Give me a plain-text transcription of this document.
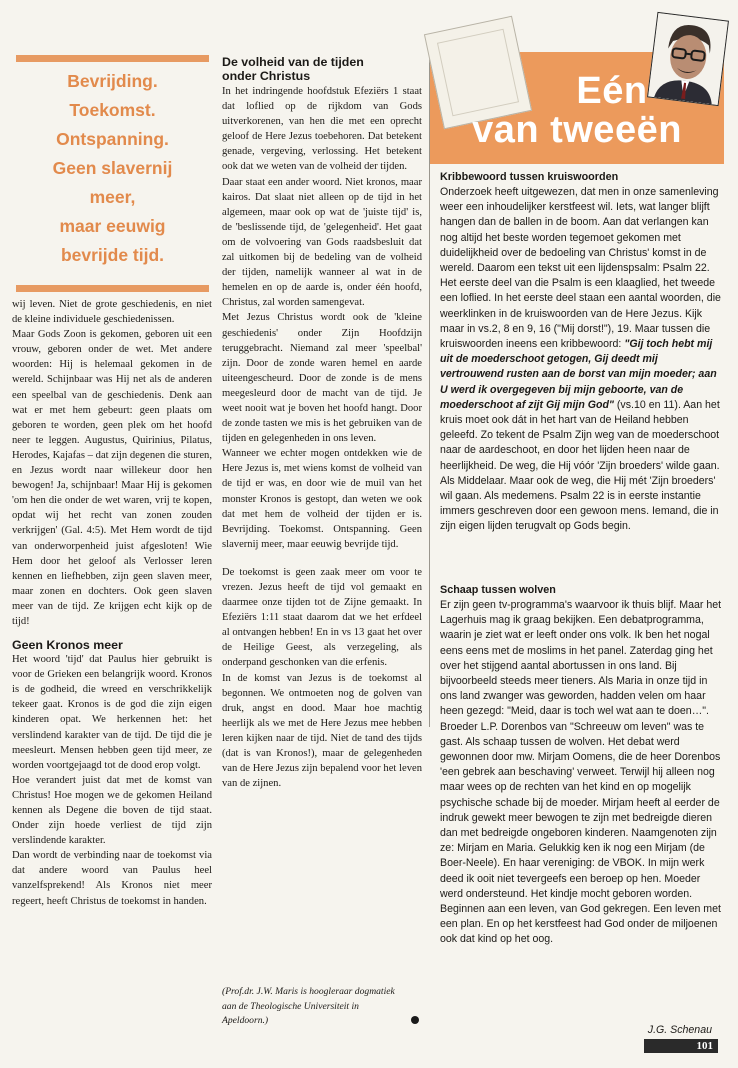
Bevrijding.
Toekomst.
Ontspanning.
Geen slavernij
meer,
maar eeuwig
bevrijde tijd.

wij leven. Niet de grote geschiedenis, en niet de kleine individuele geschiedenissen.

Maar Gods Zoon is gekomen, geboren uit een vrouw, geboren onder de wet. Met andere woorden: Hij is helemaal gekomen in de wereld. Schijnbaar was Hij net als de anderen een speelbal van de geschiedenis. Denk aan wat er met hem gebeurt: geen plaats om geboren te worden, geen plek om het hoofd neer te leggen. Augustus, Quirinius, Pilatus, Herodes, Kajafas – dat zijn degenen die sturen, en Jezus wordt naar willekeur door hen bewogen! Ja, schijnbaar! Maar Hij is gekomen 'om hen die onder de wet waren, vrij te kopen, opdat wij het recht van zonen zouden verkrijgen' (Gal. 4:5). Met Hem wordt de tijd van onderworpenheid juist afgesloten! Wie Hem door het geloof als Verlosser leren kennen en liefhebben, zijn geen slaven meer, maar zonen en dochters. Ook geen slaven meer van de tijd. Ze krijgen echt kijk op de tijd!

Geen Kronos meer

Het woord 'tijd' dat Paulus hier gebruikt is voor de Grieken een belangrijk woord. Kronos is de godheid, die wreed en verschrikkelijk tekeer gaat. Kronos is de god die zijn eigen kinderen opat. We herkennen het: het verslindend karakter van de tijd. De tijd die je meesleurt. Mensen hebben geen tijd meer, ze worden voortgejaagd tot de dood erop volgt.

Hoe verandert juist dat met de komst van Christus! Hoe mogen we de gekomen Heiland kennen als Degene die boven de tijd staat. Onder zijn hoede verliest de tijd zijn verslindende karakter.

Dan wordt de verbinding naar de toekomst via dat andere woord van Paulus heel vanzelfsprekend! Als Kronos niet meer regeert, heeft Christus de toekomst in handen.

De volheid van de tijden
onder Christus

In het indringende hoofdstuk Efeziërs 1 staat dat loflied op de rijkdom van Gods uitverkorenen, van hen die met een oprecht geloof de Here Jezus toebehoren. Dat betekent genade, vergeving, verlossing. Het betekent ook dat we weten van de volheid der tijden.

Daar staat een ander woord. Niet kronos, maar kairos. Dat slaat niet alleen op de tijd in het algemeen, maar ook op wat de 'juiste tijd' is, de 'beslissende tijd, de 'gelegenheid'. Het gaat om de volvoering van Gods raadsbesluit dat zal uitkomen bij de bedeling van de volheid der tijden, namelijk wanneer al wat in de hemelen en op de aarde is, onder één hoofd, Christus, zal worden samengevat.

Met Jezus Christus wordt ook de 'kleine geschiedenis' onder Zijn Hoofdzijn teruggebracht. Niemand zal meer 'speelbal' zijn. Door de zonde waren hemel en aarde uiteengescheurd. Door de zonde is de mens meegesleurd door de macht van de tijd. Je weet nooit wat je boven het hoofd hangt. Door de zonde tasten we mis is het gebruiken van de tijden en gelegenheden in ons leven.

Wanneer we echter mogen ontdekken wie de Here Jezus is, met wiens komst de volheid van de tijd er was, en door wie de muil van het monster Kronos is gestopt, dan weten we ook dat met hem de volheid der tijden er is. Bevrijding. Toekomst. Ontspanning. Geen slavernij meer, maar eeuwig bevrijde tijd.

De toekomst is geen zaak meer om voor te vrezen. Jezus heeft de tijd vol gemaakt en daarmee onze tijden tot de Zijne gemaakt. In Efeziërs 1:11 staat daarom dat we het erfdeel al ontvangen hebben! En in vs 13 gaat het over de Heilige Geest, als verzegeling, als onderpand geschonken van die erfenis.

In de komst van Jezus is de toekomst al begonnen. We ontmoeten nog de golven van druk, angst en dood. Maar hoe machtig heerlijk als we met de Here Jezus mee hebben leren kijken naar de tijd. Niet de tand des tijds (dat is van Kronos!), maar de gelegenheden van de Here Jezus zijn bepalend voor het leven van de zijnen.

(Prof.dr. J.W. Maris is hoogleraar dogmatiek
aan de Theologische Universiteit in
Apeldoorn.)
Eén
van tweeën
Kribbewoord tussen kruiswoorden

Onderzoek heeft uitgewezen, dat men in onze samenleving weer een inhoudelijker kerstfeest wil. Iets, wat langer blijft hangen dan de ballen in de boom. Aan dat verlangen kan nog altijd het beste worden tegemoet gekomen met duidelijkheid over de bedoeling van Christus' komst in de wereld. Daarom een tekst uit een lijdenspsalm: Psalm 22. Het eerste deel van die Psalm is een klaaglied, het tweede een loflied. In het eerste deel staan een aantal woorden, die weerklinken in de kruiswoorden van de Here Jezus. Kijk maar in vs.2, 8 en 9, 16 ("Mij dorst!"), 19. Maar tussen die kruiswoorden ineens een kribbewoord: "Gij toch hebt mij uit de moederschoot getogen, Gij deedt mij vertrouwend rusten aan de borst van mijn moeder; aan U werd ik overgegeven bij mijn geboorte, van de moederschoot af zijt Gij mijn God" (vs.10 en 11). Aan het kruis moet ook dát in het hart van de Heiland hebben geleefd. Zo tekent de Psalm Zijn weg van de moederschoot naar de aardeschoot, en door het lijden heen naar de heerlijkheid. De weg, die Hij vóór 'Zijn broeders' wilde gaan. Als Middelaar. Maar ook de weg, die Hij mét 'Zijn broeders' wil gaan. Als medemens. Psalm 22 is in eerste instantie immers geschreven door een gewoon mens. Iemand, die in zijn eigen lijden terugvalt op Gods begin.

Schaap tussen wolven

Er zijn geen tv-programma's waarvoor ik thuis blijf. Maar het Lagerhuis mag ik graag bekijken. Een debatprogramma, waarin je ziet wat er leeft onder ons volk. Ik ben het nogal eens eens met de moslims in het panel. Zaterdag ging het over het stijgend aantal abortussen in ons land. Bij bijvoorbeeld steeds meer tieners. Als Maria in onze tijd in ons land zwanger was geworden, hadden velen om haar heen gezegd: "Meid, daar is toch wel wat aan te doen…". Broeder L.P. Dorenbos van "Schreeuw om leven" was te gast. Als schaap tussen de wolven. Het debat werd gewonnen door mw. Mirjam Oomens, die de heer Dorenbos 'een gebrek aan beschaving' verweet. Terwijl hij alleen nog maar wees op de rechten van het kind en op mogelijk psychische schade bij de moeder. Mirjam heeft al eerder de indruk gewekt meer bewogen te zijn met bedreigde dieren dan met bedreigde ongeboren kinderen. Naamgenoten zijn ze: Mirjam en Maria. Gelukkig ken ik nog een Mirjam (de Boer-Neele). En haar vereniging: de VBOK. In mijn werk deed ik ooit niet tevergeefs een beroep op hen. Moeder werd ondersteund. Het kindje mocht geboren worden. Beginnen aan een leven, van God gekregen. Een leven met een plan. En op het kerstfeest had God onder de miljoenen ook dat kind op het oog.

J.G. Schenau
101
